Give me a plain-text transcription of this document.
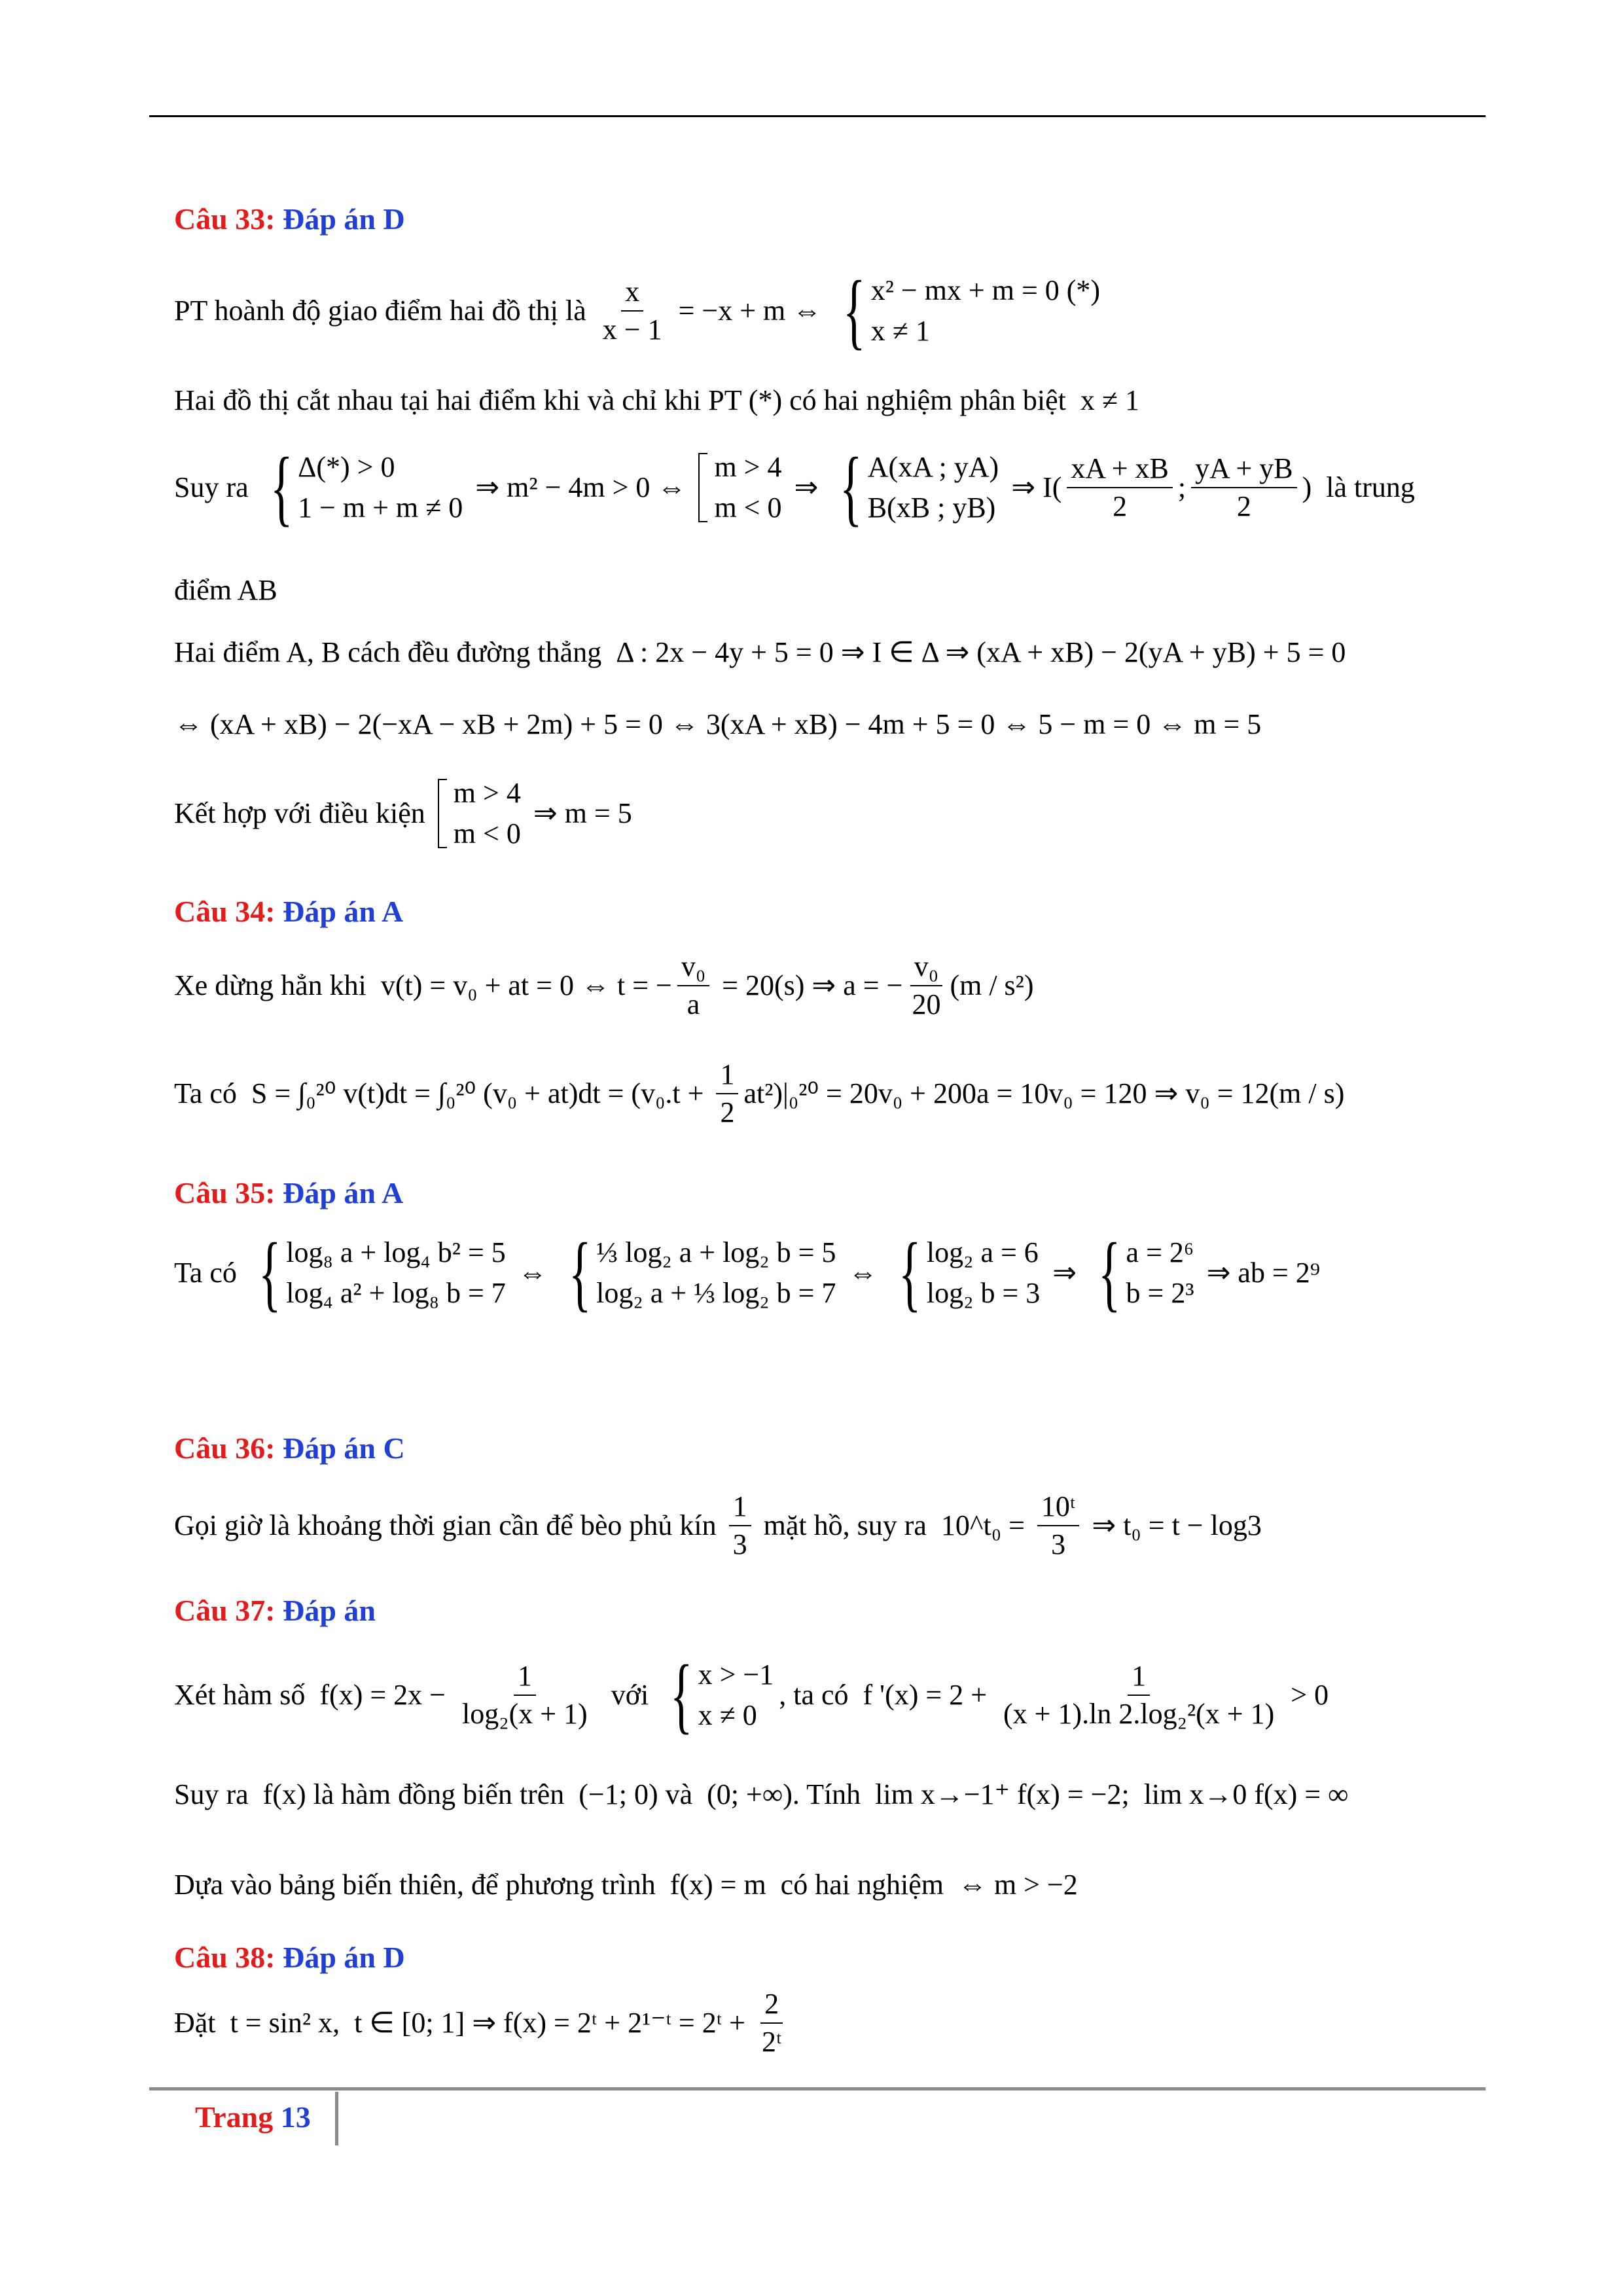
Câu 33: Đáp án D
PT hoành độ giao điểm hai đồ thị là $\frac{x}{x - 1} = -x + m$ ⇔ { x² − mx + m = 0 (*)
x ≠ 1
Hai đồ thị cắt nhau tại hai điểm khi và chỉ khi PT (*) có hai nghiệm phân biệt  x ≠ 1
Suy ra { Δ(*) > 0
1 − m + m ≠ 0
⇒ m² − 4m > 0 ⇔
m > 4
m < 0
⇒ { A(xA ; yA)
B(xB ; yB)
⇒ $I( \frac{xA + xB}{2}$ ; $\frac{yA + yB}{2}$ )  là trung
điểm AB
Hai điểm A, B cách đều đường thẳng  Δ : 2x − 4y + 5 = 0 ⇒ I ∈ Δ ⇒ (xA + xB) − 2(yA + yB) + 5 = 0
⇔ (xA + xB) − 2(−xA − xB + 2m) + 5 = 0 ⇔ 3(xA + xB) − 4m + 5 = 0 ⇔ 5 − m = 0 ⇔ m = 5
Kết hợp với điều kiện
m > 4
m < 0
⇒ m = 5
Câu 34: Đáp án A
Xe dừng hẳn khi  v(t) = v₀ + at = 0 ⇔ t = − $\frac{\text{v₀}}{a} = 20(s)$ ⇒ a = − $\frac{\text{v₀}}{20} (m / s^2)$
Ta có  S = ∫₀²⁰ v(t)dt = ∫₀²⁰ $(v_0 + at)dt = (v_0.t + \frac{1}{2} at^2)|_0^{20} = 20v_0 + 200a = 10v_0 = 120$ ⇒ v₀ = 12(m / s)
Câu 35: Đáp án A
Ta có { log₈ a + log₄ b² = 5
log₄ a² + log₈ b = 7
⇔ { ⅓ log₂ a + log₂ b = 5
log₂ a + ⅓ log₂ b = 7
⇔ { log₂ a = 6
log₂ b = 3
⇒ { a = 2⁶
b = 2³
⇒ ab = 2⁹
Câu 36: Đáp án C
Gọi giờ là khoảng thời gian cần để bèo phủ kín $\frac{1}{3}$ mặt hồ, suy ra  10^t₀ = $\frac{\text{10ᵗ}}{3}$ ⇒ t₀ = t − log3
Câu 37: Đáp án
Xét hàm số  $f(x) = 2x - \frac{1}{\text{log₂(x + 1)}}$ với { x > −1
x ≠ 0
, ta có  f '$(x) = 2 + \frac{1}{\text{(x + 1).ln 2.log₂²(x + 1)}} > 0$
Suy ra  f(x) là hàm đồng biến trên  (−1; 0) và  (0; +∞). Tính  lim x→−1⁺ f(x) = −2;  lim x→0 f(x) = ∞
Dựa vào bảng biến thiên, để phương trình  f(x) = m  có hai nghiệm  ⇔ m > −2
Câu 38: Đáp án D
Đặt  t = sin² x,  t ∈ [0; 1] ⇒ f(x) = 2ᵗ + 2¹⁻ᵗ = 2ᵗ + $\frac{2}{\text{2ᵗ}}$
Trang 13
